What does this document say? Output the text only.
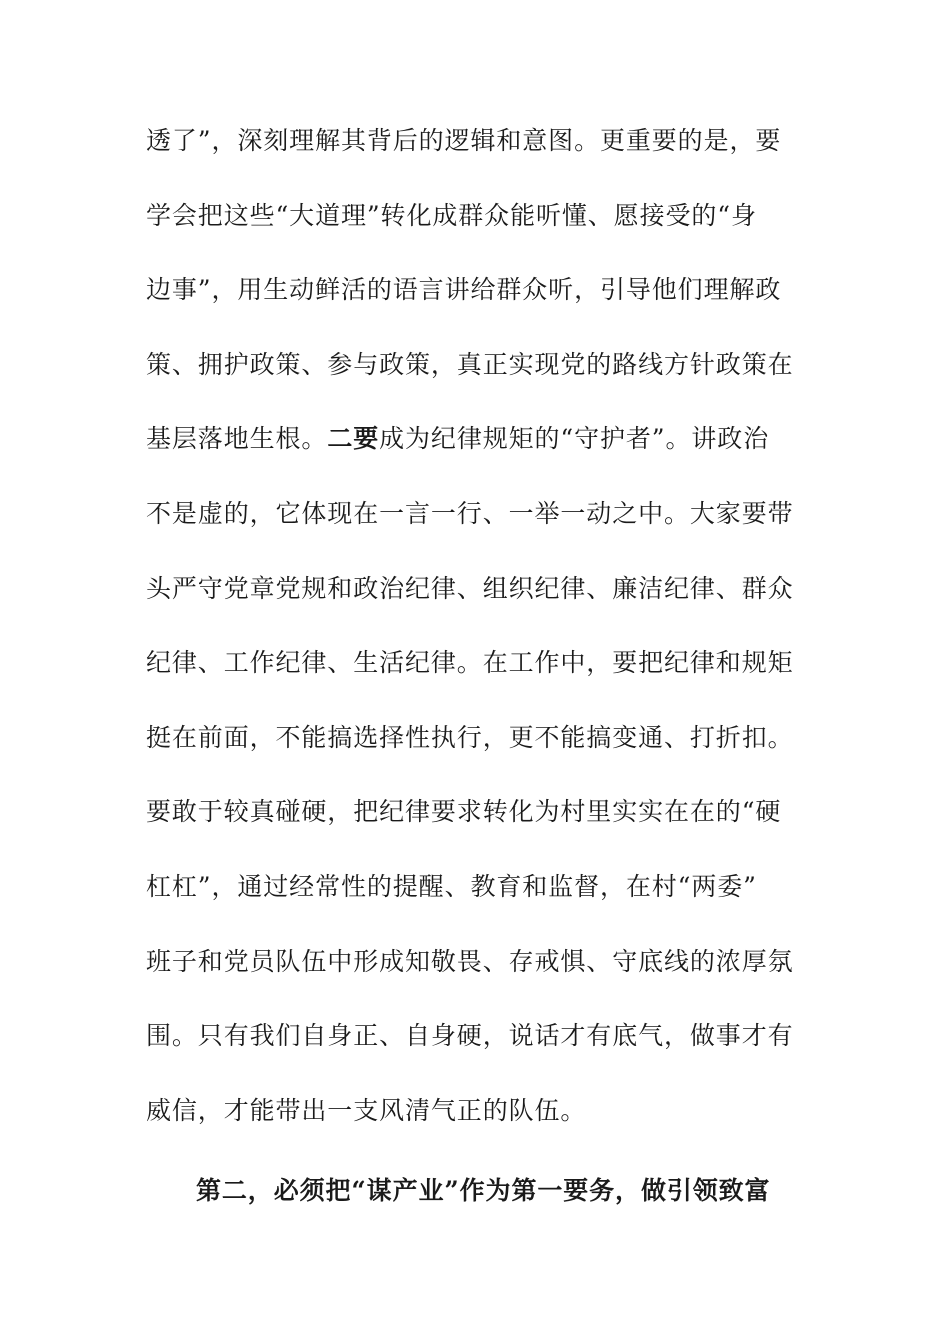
透了”，深刻理解其背后的逻辑和意图。更重要的是，要
学会把这些“大道理”转化成群众能听懂、愿接受的“身
边事”，用生动鲜活的语言讲给群众听，引导他们理解政
策、拥护政策、参与政策，真正实现党的路线方针政策在
基层落地生根。二要成为纪律规矩的“守护者”。讲政治
不是虚的，它体现在一言一行、一举一动之中。大家要带
头严守党章党规和政治纪律、组织纪律、廉洁纪律、群众
纪律、工作纪律、生活纪律。在工作中，要把纪律和规矩
挺在前面，不能搞选择性执行，更不能搞变通、打折扣。
要敢于较真碰硬，把纪律要求转化为村里实实在在的“硬
杠杠”，通过经常性的提醒、教育和监督，在村“两委”
班子和党员队伍中形成知敬畏、存戒惧、守底线的浓厚氛
围。只有我们自身正、自身硬，说话才有底气，做事才有
威信，才能带出一支风清气正的队伍。
第二，必须把“谋产业”作为第一要务，做引领致富
